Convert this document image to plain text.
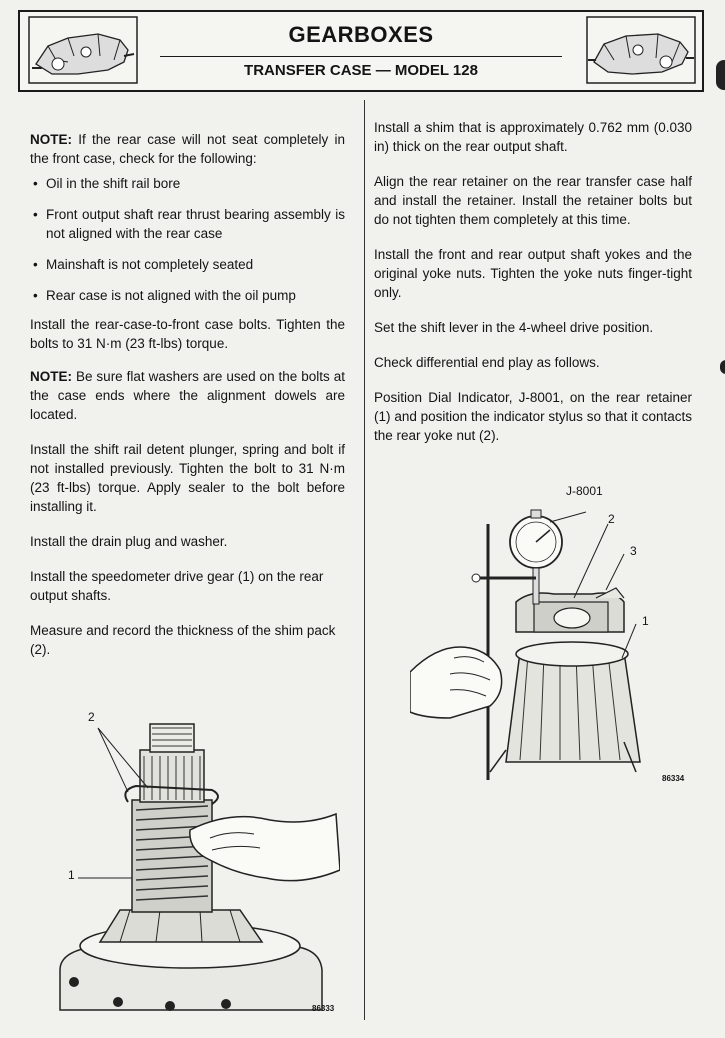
GEARBOXES
TRANSFER CASE — MODEL 128

NOTE: If the rear case will not seat completely in the front case, check for the following:

• Oil in the shift rail bore
• Front output shaft rear thrust bearing assembly is not aligned with the rear case
• Mainshaft is not completely seated
• Rear case is not aligned with the oil pump

Install the rear-case-to-front case bolts. Tighten the bolts to 31 N·m (23 ft-lbs) torque.

NOTE: Be sure flat washers are used on the bolts at the case ends where the alignment dowels are located.

Install the shift rail detent plunger, spring and bolt if not installed previously. Tighten the bolt to 31 N·m (23 ft-lbs) torque. Apply sealer to the bolt before installing it.

Install the drain plug and washer.

Install the speedometer drive gear (1) on the rear output shafts.

Measure and record the thickness of the shim pack (2).

2
1
86333

Install a shim that is approximately 0.762 mm (0.030 in) thick on the rear output shaft.

Align the rear retainer on the rear transfer case half and install the retainer. Install the retainer bolts but do not tighten them completely at this time.

Install the front and rear output shaft yokes and the original yoke nuts. Tighten the yoke nuts finger-tight only.

Set the shift lever in the 4-wheel drive position.

Check differential end play as follows.

Position Dial Indicator, J-8001, on the rear retainer (1) and position the indicator stylus so that it contacts the rear yoke nut (2).

J-8001
2
3
1
86334
